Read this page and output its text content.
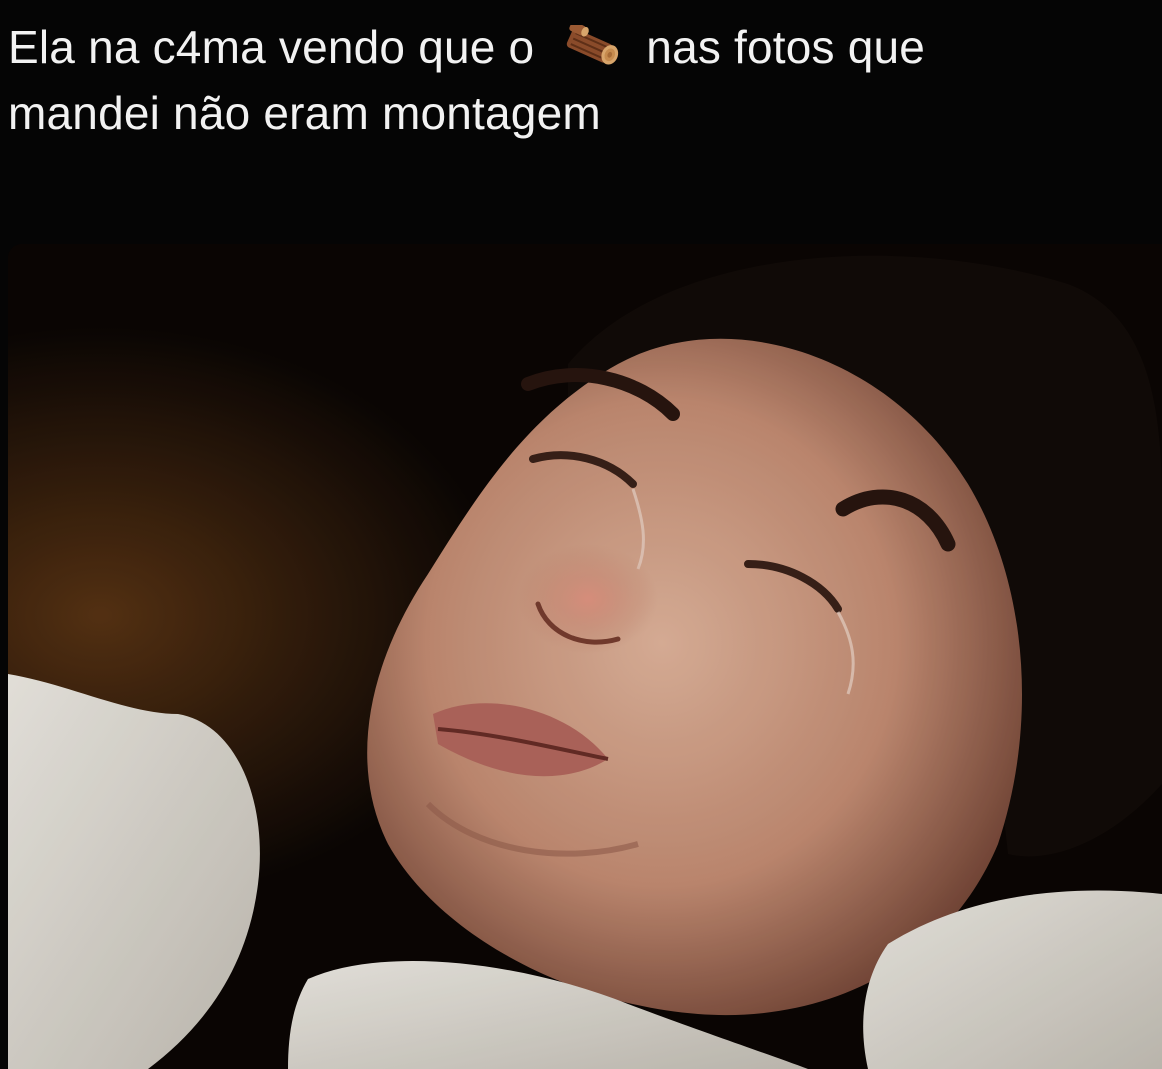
Ela na c4ma vendo que o nas fotos que
mandei não eram montagem
